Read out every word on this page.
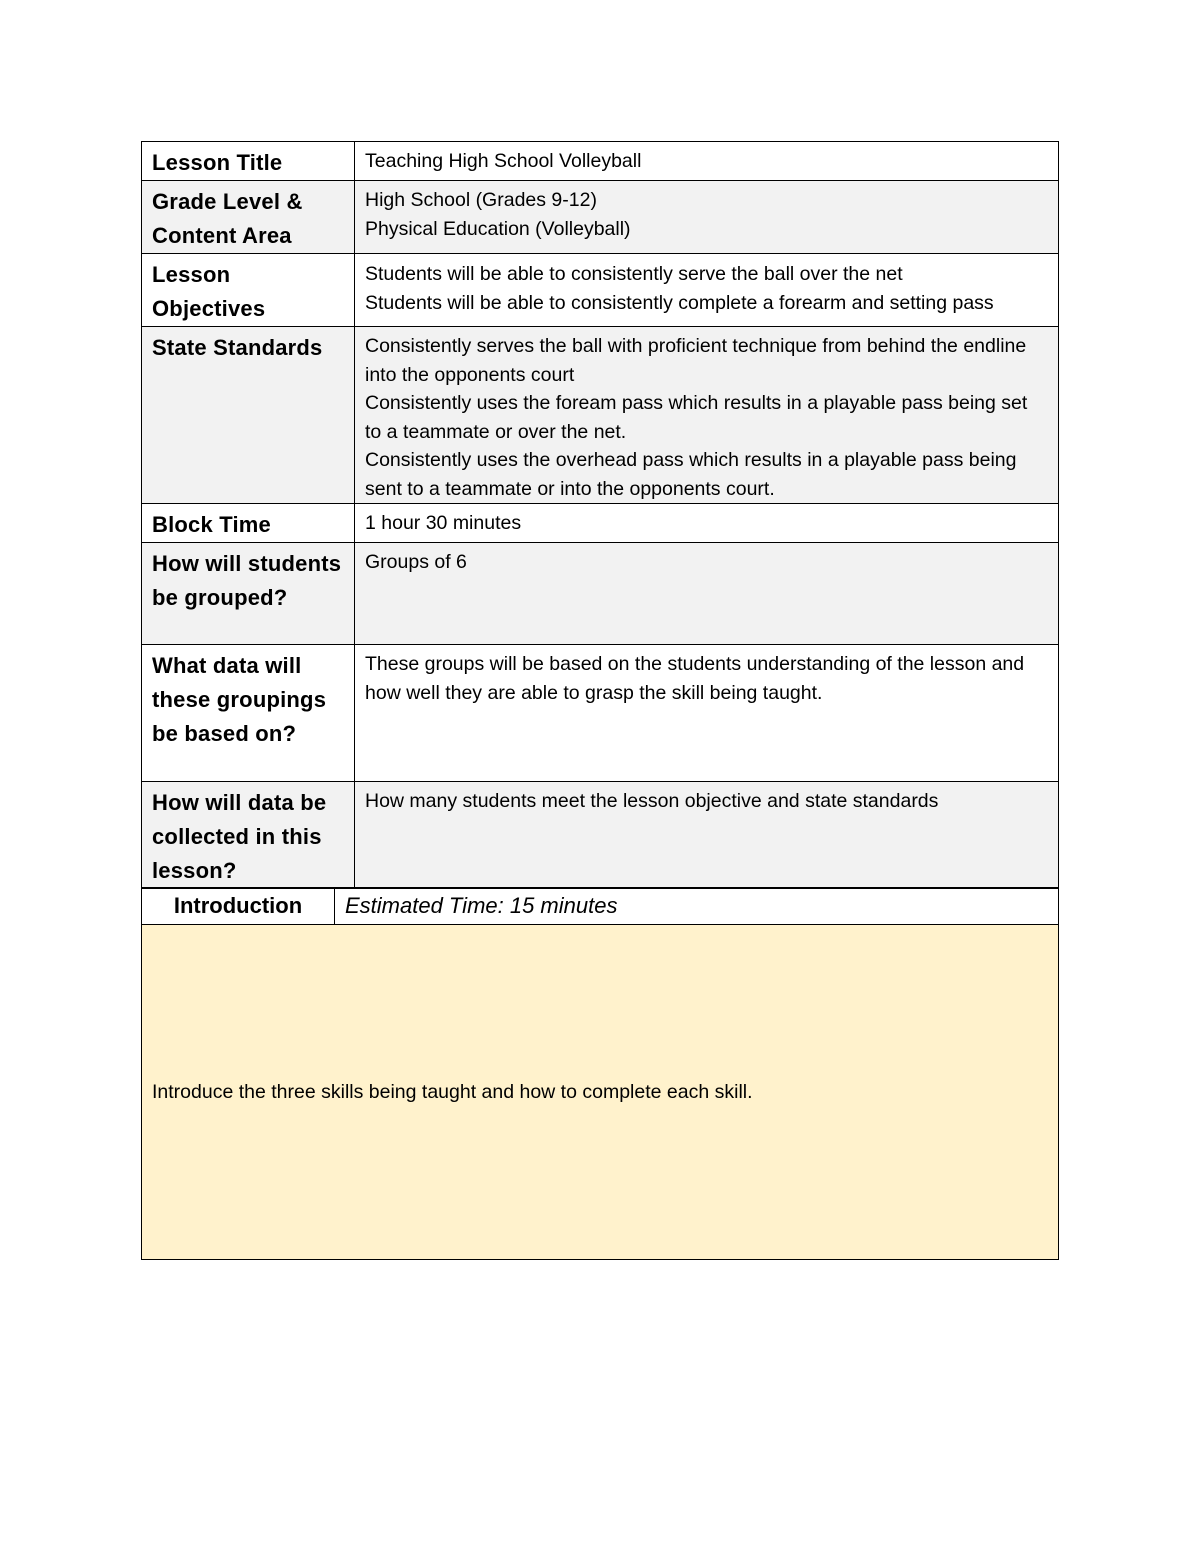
Lesson Title	Teaching High School Volleyball

Grade Level & Content Area	High School (Grades 9-12)
Physical Education (Volleyball)

Lesson Objectives	Students will be able to consistently serve the ball over the net
Students will be able to consistently complete a forearm and setting pass

State Standards	Consistently serves the ball with proficient technique from behind the endline into the opponents court
Consistently uses the foream pass which results in a playable pass being set to a teammate or over the net.
Consistently uses the overhead pass which results in a playable pass being sent to a teammate or into the opponents court.

Block Time	1 hour 30 minutes

How will students be grouped?	Groups of 6

What data will these groupings be based on?	These groups will be based on the students understanding of the lesson and how well they are able to grasp the skill being taught.

How will data be collected in this lesson?	How many students meet the lesson objective and state standards
Introduction	Estimated Time: 15 minutes
Introduce the three skills being taught and how to complete each skill.
